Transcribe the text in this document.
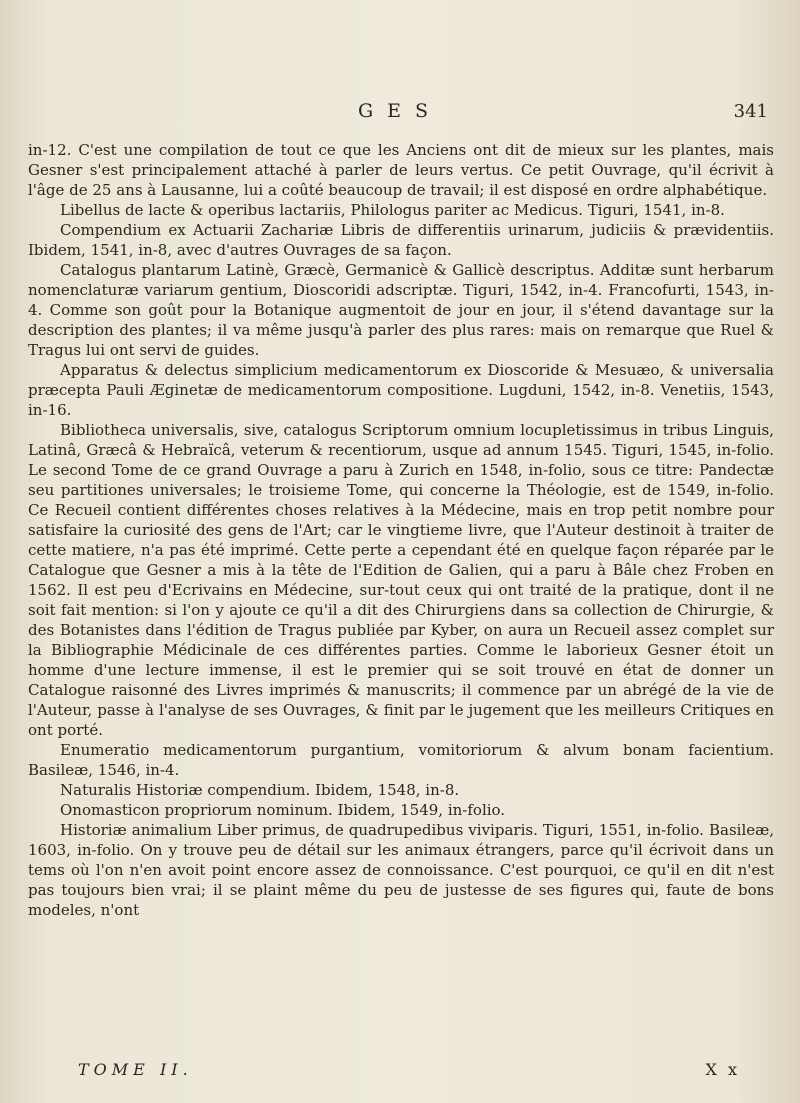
GES	341

in-12. C'est une compilation de tout ce que les Anciens ont dit de mieux sur les plantes, mais Gesner s'est principalement attaché à parler de leurs vertus. Ce petit Ouvrage, qu'il écrivit à l'âge de 25 ans à Lausanne, lui a coûté beaucoup de travail; il est disposé en ordre alphabétique.

Libellus de lacte & operibus lactariis, Philologus pariter ac Medicus. Tiguri, 1541, in-8.

Compendium ex Actuarii Zachariæ Libris de differentiis urinarum, judiciis & prævidentiis. Ibidem, 1541, in-8, avec d'autres Ouvrages de sa façon.

Catalogus plantarum Latinè, Græcè, Germanicè & Gallicè descriptus. Additæ sunt herbarum nomenclaturæ variarum gentium, Dioscoridi adscriptæ. Tiguri, 1542, in-4. Francofurti, 1543, in-4. Comme son goût pour la Botanique augmentoit de jour en jour, il s'étend davantage sur la description des plantes; il va même jusqu'à parler des plus rares: mais on remarque que Ruel & Tragus lui ont servi de guides.

Apparatus & delectus simplicium medicamentorum ex Dioscoride & Mesuæo, & universalia præcepta Pauli Æginetæ de medicamentorum compositione. Lugduni, 1542, in-8. Venetiis, 1543, in-16.

Bibliotheca universalis, sive, catalogus Scriptorum omnium locupletissimus in tribus Linguis, Latinâ, Græcâ & Hebraïcâ, veterum & recentiorum, usque ad annum 1545. Tiguri, 1545, in-folio. Le second Tome de ce grand Ouvrage a paru à Zurich en 1548, in-folio, sous ce titre: Pandectæ seu partitiones universales; le troisieme Tome, qui concerne la Théologie, est de 1549, in-folio. Ce Recueil contient différentes choses relatives à la Médecine, mais en trop petit nombre pour satisfaire la curiosité des gens de l'Art; car le vingtieme livre, que l'Auteur destinoit à traiter de cette matiere, n'a pas été imprimé. Cette perte a cependant été en quelque façon réparée par le Catalogue que Gesner a mis à la tête de l'Edition de Galien, qui a paru à Bâle chez Froben en 1562. Il est peu d'Ecrivains en Médecine, sur-tout ceux qui ont traité de la pratique, dont il ne soit fait mention: si l'on y ajoute ce qu'il a dit des Chirurgiens dans sa collection de Chirurgie, & des Botanistes dans l'édition de Tragus publiée par Kyber, on aura un Recueil assez complet sur la Bibliographie Médicinale de ces différentes parties. Comme le laborieux Gesner étoit un homme d'une lecture immense, il est le premier qui se soit trouvé en état de donner un Catalogue raisonné des Livres imprimés & manuscrits; il commence par un abrégé de la vie de l'Auteur, passe à l'analyse de ses Ouvrages, & finit par le jugement que les meilleurs Critiques en ont porté.

Enumeratio medicamentorum purgantium, vomitoriorum & alvum bonam facientium. Basileæ, 1546, in-4.

Naturalis Historiæ compendium. Ibidem, 1548, in-8.

Onomasticon propriorum nominum. Ibidem, 1549, in-folio.

Historiæ animalium Liber primus, de quadrupedibus viviparis. Tiguri, 1551, in-folio. Basileæ, 1603, in-folio. On y trouve peu de détail sur les animaux étrangers, parce qu'il écrivoit dans un tems où l'on n'en avoit point encore assez de connoissance. C'est pourquoi, ce qu'il en dit n'est pas toujours bien vrai; il se plaint même du peu de justesse de ses figures qui, faute de bons modeles, n'ont

TOME II.	X x
